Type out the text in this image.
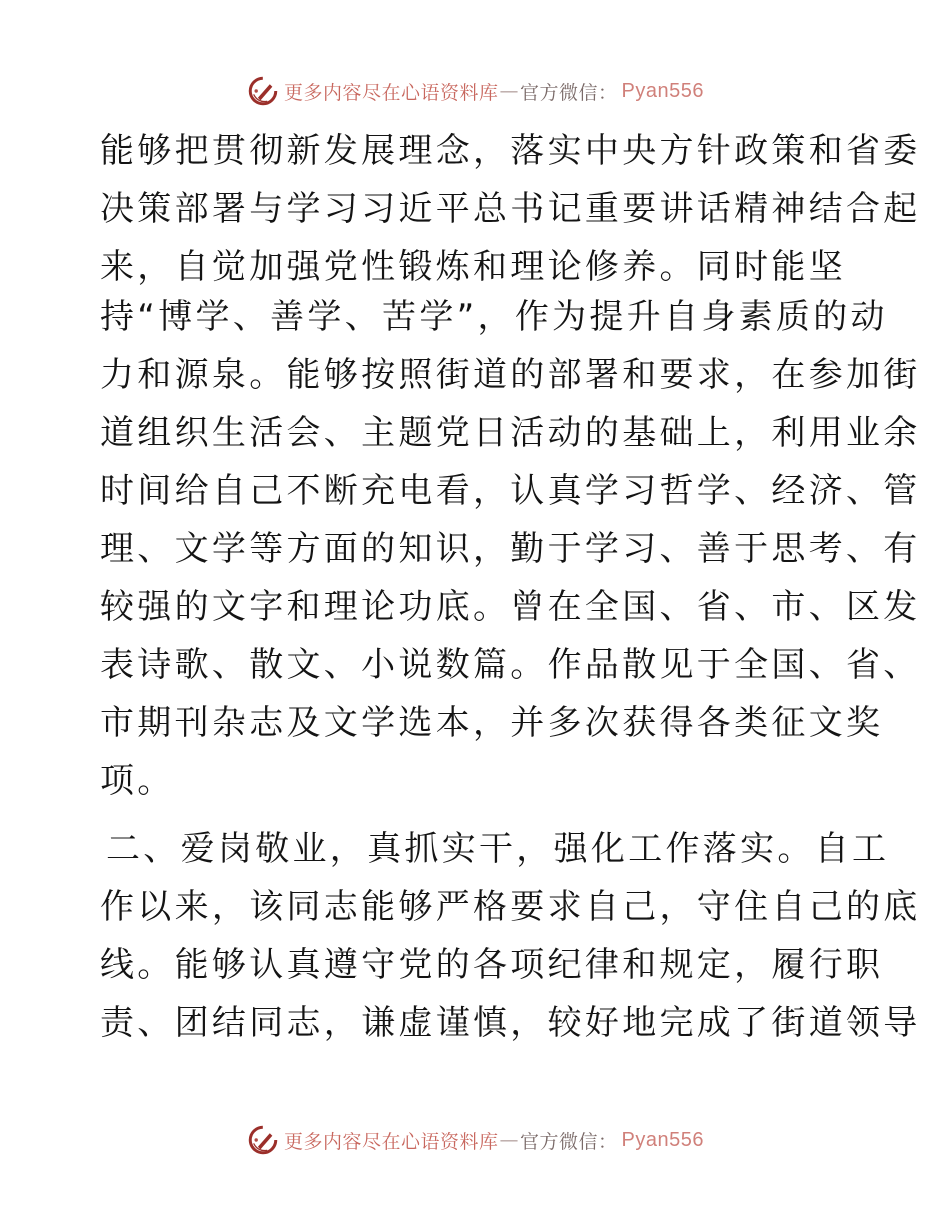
更多内容尽在心语资料库 — 官方微信： Pyan556
能够把贯彻新发展理念，落实中央方针政策和省委
决策部署与学习习近平总书记重要讲话精神结合起
来，自觉加强党性锻炼和理论修养。同时能坚
持“博学、善学、苦学”，作为提升自身素质的动
力和源泉。能够按照街道的部署和要求，在参加街
道组织生活会、主题党日活动的基础上，利用业余
时间给自己不断充电看，认真学习哲学、经济、管
理、文学等方面的知识，勤于学习、善于思考、有
较强的文字和理论功底。曾在全国、省、市、区发
表诗歌、散文、小说数篇。作品散见于全国、省、
市期刊杂志及文学选本，并多次获得各类征文奖
项。
二、爱岗敬业，真抓实干，强化工作落实。自工
作以来，该同志能够严格要求自己，守住自己的底
线。能够认真遵守党的各项纪律和规定，履行职
责、团结同志，谦虚谨慎，较好地完成了街道领导
更多内容尽在心语资料库 — 官方微信： Pyan556
